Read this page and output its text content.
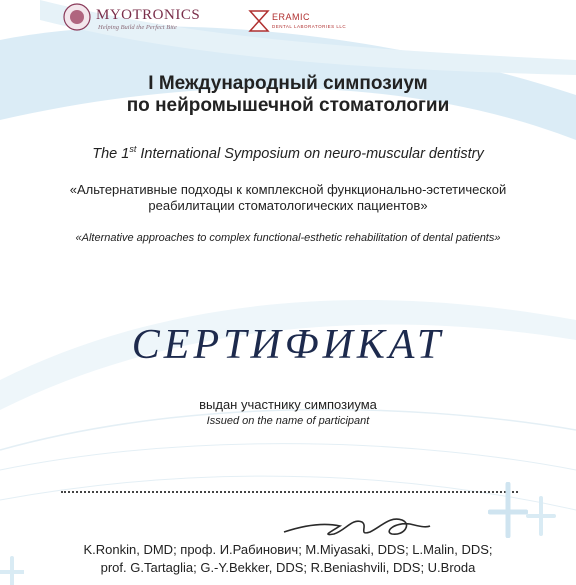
MYOTRONICS
Helping Build the Perfect Bite
ERAMIC
DENTAL LABORATORIES LLC
I Международный симпозиум
по нейромышечной стоматологии
The 1st International Symposium on neuro-muscular dentistry
«Альтернативные подходы к комплексной функционально-эстетической
реабилитации стоматологических пациентов»
«Alternative approaches to complex functional-esthetic rehabilitation of dental patients»
СЕРТИФИКАТ
выдан участнику симпозиума
Issued on the name of participant
K.Ronkin, DMD; проф. И.Рабинович; M.Miyasaki, DDS; L.Malin, DDS;
prof. G.Tartaglia; G.-Y.Bekker, DDS; R.Beniashvili, DDS; U.Broda
